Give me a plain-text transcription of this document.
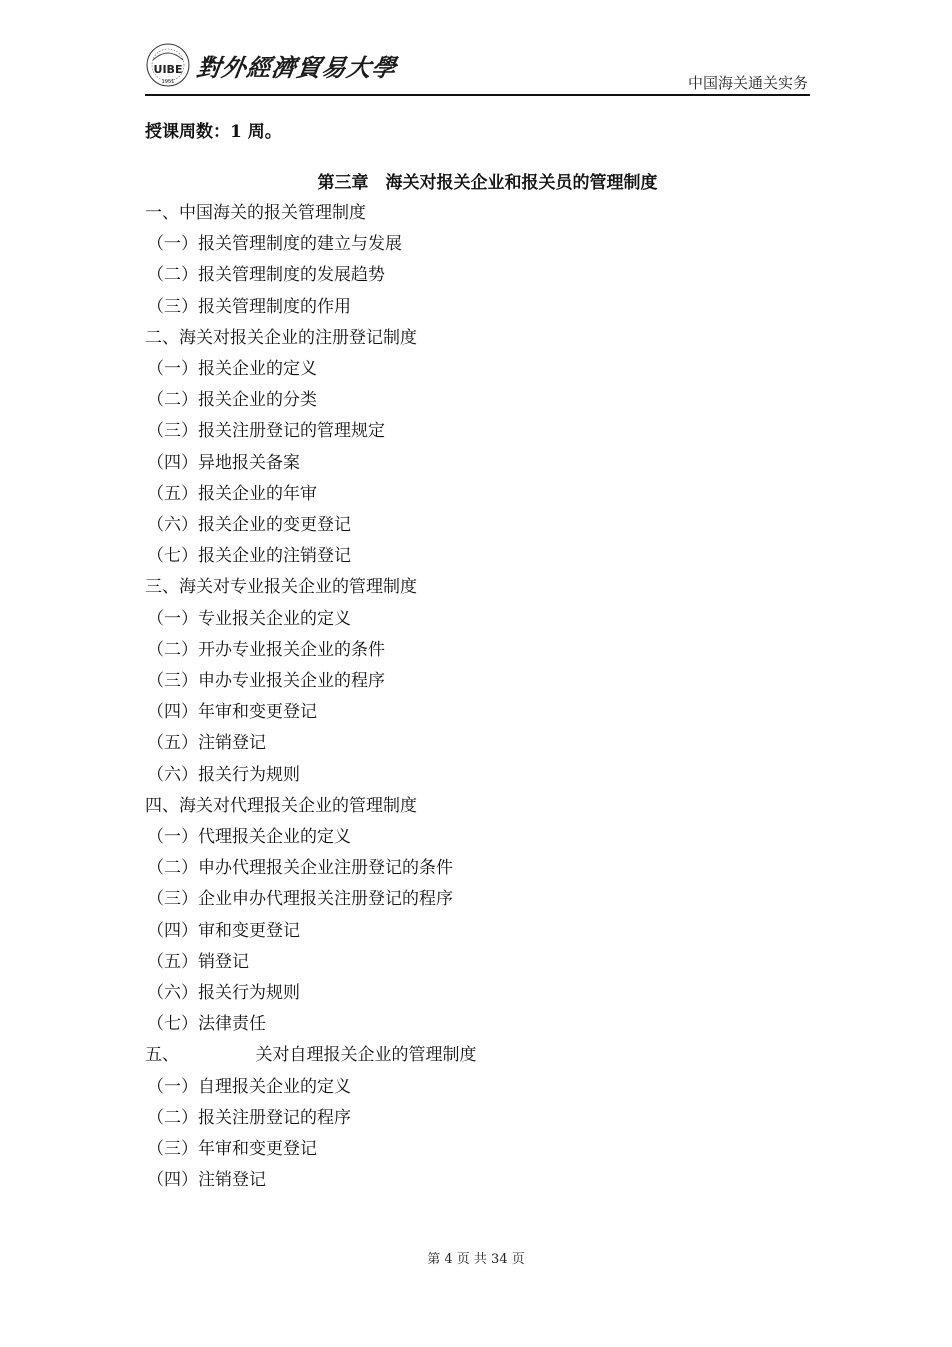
UIBE
1951
對外經濟貿易大學
中国海关通关实务

授课周数：1 周。

第三章　海关对报关企业和报关员的管理制度
一、中国海关的报关管理制度
（一）报关管理制度的建立与发展
（二）报关管理制度的发展趋势
（三）报关管理制度的作用
二、海关对报关企业的注册登记制度
（一）报关企业的定义
（二）报关企业的分类
（三）报关注册登记的管理规定
（四）异地报关备案
（五）报关企业的年审
（六）报关企业的变更登记
（七）报关企业的注销登记
三、海关对专业报关企业的管理制度
（一）专业报关企业的定义
（二）开办专业报关企业的条件
（三）申办专业报关企业的程序
（四）年审和变更登记
（五）注销登记
（六）报关行为规则
四、海关对代理报关企业的管理制度
（一）代理报关企业的定义
（二）申办代理报关企业注册登记的条件
（三）企业申办代理报关注册登记的程序
（四）审和变更登记
（五）销登记
（六）报关行为规则
（七）法律责任
五、　　　　　关对自理报关企业的管理制度
（一）自理报关企业的定义
（二）报关注册登记的程序
（三）年审和变更登记
（四）注销登记
第 4 页 共 34 页
